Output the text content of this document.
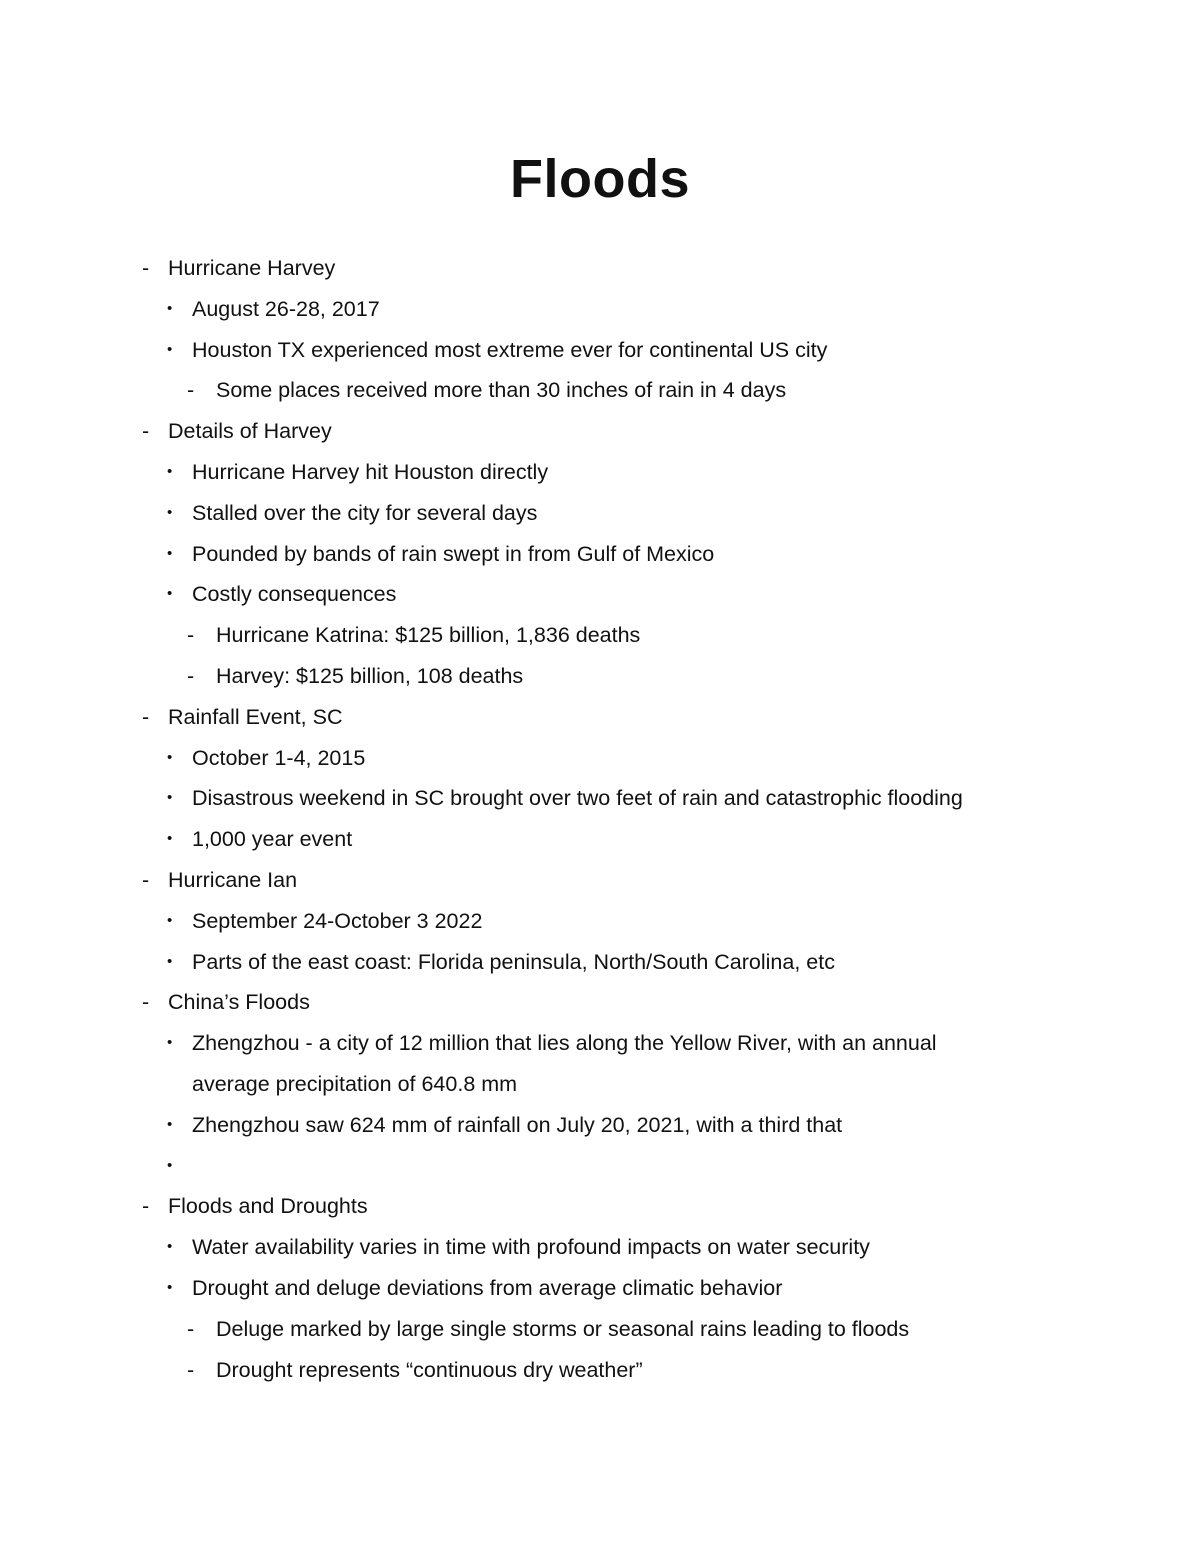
Floods
- Hurricane Harvey
• August 26-28, 2017
• Houston TX experienced most extreme ever for continental US city
- Some places received more than 30 inches of rain in 4 days
- Details of Harvey
• Hurricane Harvey hit Houston directly
• Stalled over the city for several days
• Pounded by bands of rain swept in from Gulf of Mexico
• Costly consequences
- Hurricane Katrina: $125 billion, 1,836 deaths
- Harvey: $125 billion, 108 deaths
- Rainfall Event, SC
• October 1-4, 2015
• Disastrous weekend in SC brought over two feet of rain and catastrophic flooding
• 1,000 year event
- Hurricane Ian
• September 24-October 3 2022
• Parts of the east coast: Florida peninsula, North/South Carolina, etc
- China’s Floods
• Zhengzhou - a city of 12 million that lies along the Yellow River, with an annual
average precipitation of 640.8 mm
• Zhengzhou saw 624 mm of rainfall on July 20, 2021, with a third that
•
- Floods and Droughts
• Water availability varies in time with profound impacts on water security
• Drought and deluge deviations from average climatic behavior
- Deluge marked by large single storms or seasonal rains leading to floods
- Drought represents “continuous dry weather”
